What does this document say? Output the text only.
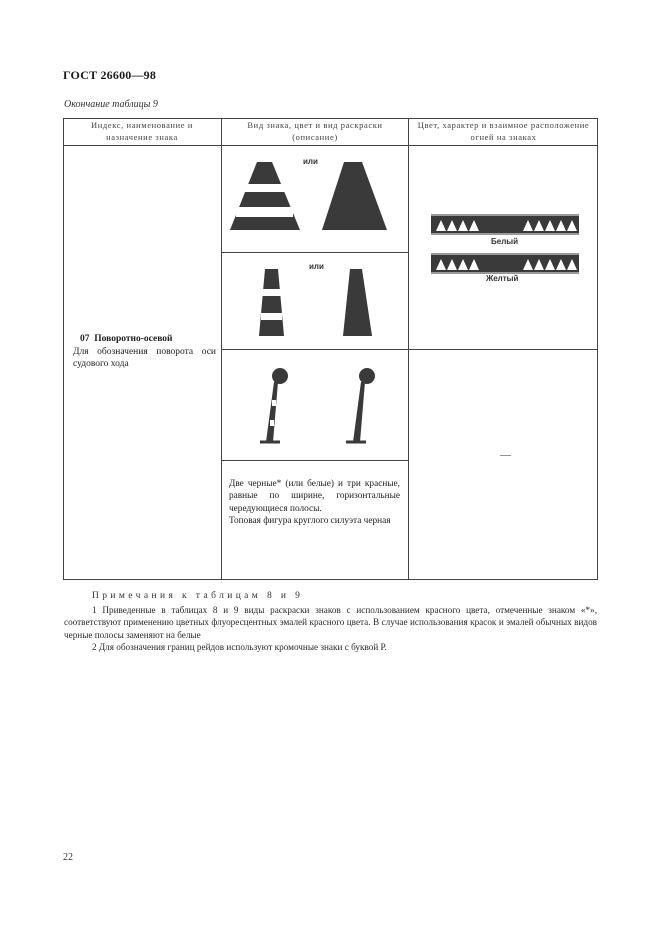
ГОСТ 26600—98
Окончание таблицы 9
Индекс, наименование и назначение знака
Вид знака, цвет и вид раскраски (описание)
Цвет, характер и взаимное расположение огней на знаках
07 Поворотно-осевой
Для обозначения поворота оси судового хода
или
или
Две черные* (или белые) и три красные, равные по ширине, горизонтальные чередующиеся полосы.
Топовая фигура круглого силуэта черная
Белый
Желтый
—
Примечания к таблицам 8 и 9
1 Приведенные в таблицах 8 и 9 виды раскраски знаков с использованием красного цвета, отмеченные знаком «*», соответствуют применению цветных флуоресцентных эмалей красного цвета. В случае использования красок и эмалей обычных видов черные полосы заменяют на белые
2 Для обозначения границ рейдов используют кромочные знаки с буквой Р.
22
